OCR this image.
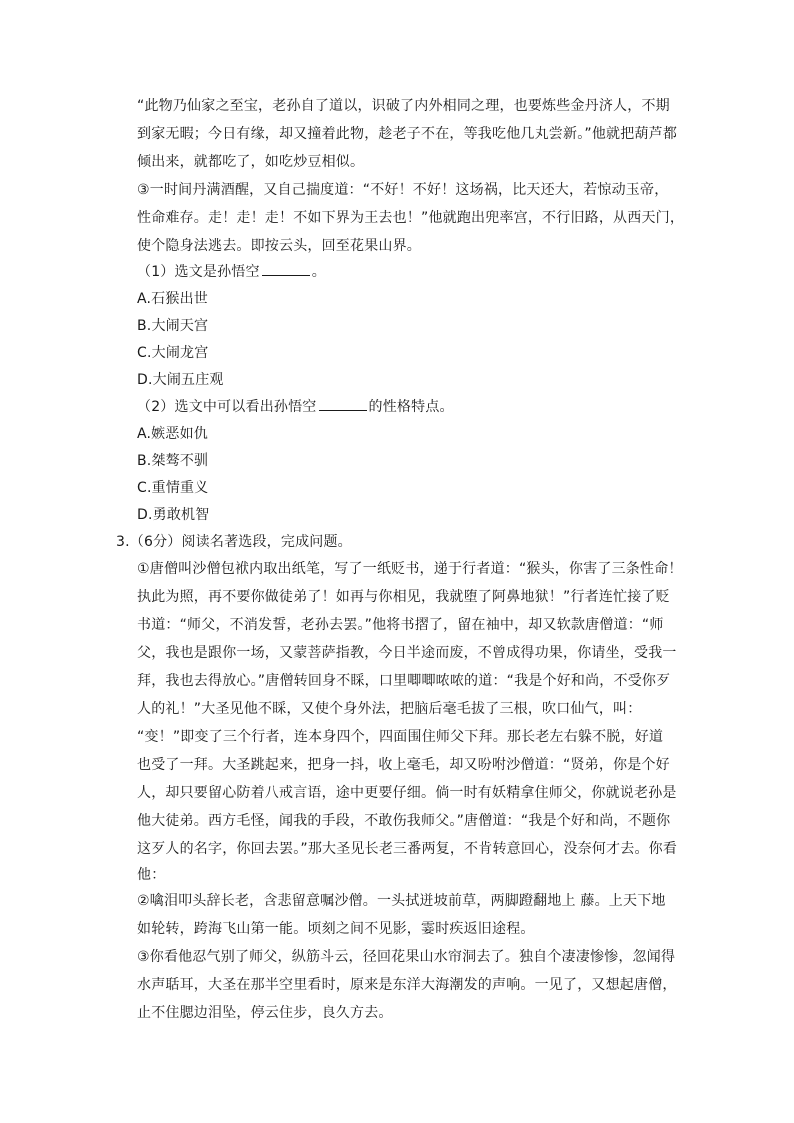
“此物乃仙家之至宝，老孙自了道以，识破了内外相同之理，也要炼些金丹济人，不期
到家无暇；今日有缘，却又撞着此物，趁老子不在，等我吃他几丸尝新。”他就把葫芦都
倾出来，就都吃了，如吃炒豆相似。
③一时间丹满酒醒，又自己揣度道：“不好！不好！这场祸，比天还大，若惊动玉帝，
性命难存。走！走！走！不如下界为王去也！”他就跑出兜率宫，不行旧路，从西天门，
使个隐身法逃去。即按云头，回至花果山界。
（1）选文是孙悟空	。
A.石猴出世
B.大闹天宫
C.大闹龙宫
D.大闹五庄观
（2）选文中可以看出孙悟空	的性格特点。
A.嫉恶如仇
B.桀骜不驯
C.重情重义
D.勇敢机智
3.（6分）阅读名著选段，完成问题。
①唐僧叫沙僧包袱内取出纸笔，写了一纸贬书，递于行者道：“猴头，你害了三条性命！
执此为照，再不要你做徒弟了！如再与你相见，我就堕了阿鼻地狱！”行者连忙接了贬
书道：“师父，不消发誓，老孙去罢。”他将书摺了，留在袖中，却又软款唐僧道：“师
父，我也是跟你一场，又蒙菩萨指教，今日半途而废，不曾成得功果，你请坐，受我一
拜，我也去得放心。”唐僧转回身不睬，口里唧唧哝哝的道：“我是个好和尚，不受你歹
人的礼！”大圣见他不睬，又使个身外法，把脑后毫毛拔了三根，吹口仙气，叫：
“变！”即变了三个行者，连本身四个，四面围住师父下拜。那长老左右躲不脱，好道
也受了一拜。大圣跳起来，把身一抖，收上毫毛，却又吩咐沙僧道：“贤弟，你是个好
人，却只要留心防着八戒言语，途中更要仔细。倘一时有妖精拿住师父，你就说老孙是
他大徒弟。西方毛怪，闻我的手段，不敢伤我师父。”唐僧道：“我是个好和尚，不题你
这歹人的名字，你回去罢。”那大圣见长老三番两复，不肯转意回心，没奈何才去。你看
他：
②噙泪叩头辞长老，含悲留意嘱沙僧。一头拭迸坡前草，两脚蹬翻地上 藤。上天下地
如轮转，跨海飞山第一能。顷刻之间不见影，霎时疾返旧途程。
③你看他忍气别了师父，纵筋斗云，径回花果山水帘洞去了。独自个凄凄惨惨，忽闻得
水声聒耳，大圣在那半空里看时，原来是东洋大海潮发的声响。一见了，又想起唐僧，
止不住腮边泪坠，停云住步，良久方去。
